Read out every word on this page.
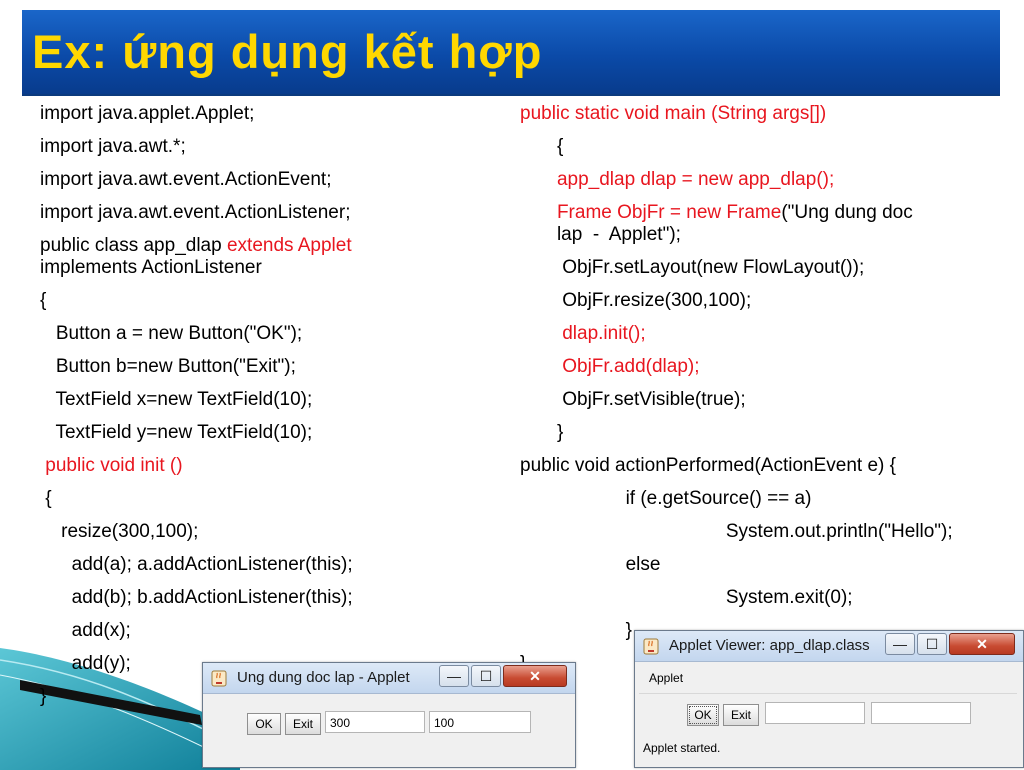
Ex: ứng dụng kết hợp
import java.applet.Applet;
import java.awt.*;
import java.awt.event.ActionEvent;
import java.awt.event.ActionListener;
public class app_dlap extends Applet
implements ActionListener
{
Button a = new Button("OK");
Button b=new Button("Exit");
TextField x=new TextField(10);
TextField y=new TextField(10);
public void init ()
{
resize(300,100);
add(a); a.addActionListener(this);
add(b); b.addActionListener(this);
add(x);
add(y);
}
public static void main (String args[])
{
app_dlap dlap = new app_dlap();
Frame ObjFr = new Frame("Ung dung doc
lap  -  Applet");
ObjFr.setLayout(new FlowLayout());
ObjFr.resize(300,100);
dlap.init();
ObjFr.add(dlap);
ObjFr.setVisible(true);
}
public void actionPerformed(ActionEvent e) {
if (e.getSource() == a)
System.out.println("Hello");
else
System.exit(0);
}
Ung dung doc lap - Applet	—	☐	✕
OK	Exit	300	100
Applet Viewer: app_dlap.class	—	☐	✕
Applet
OK	Exit
Applet started.
